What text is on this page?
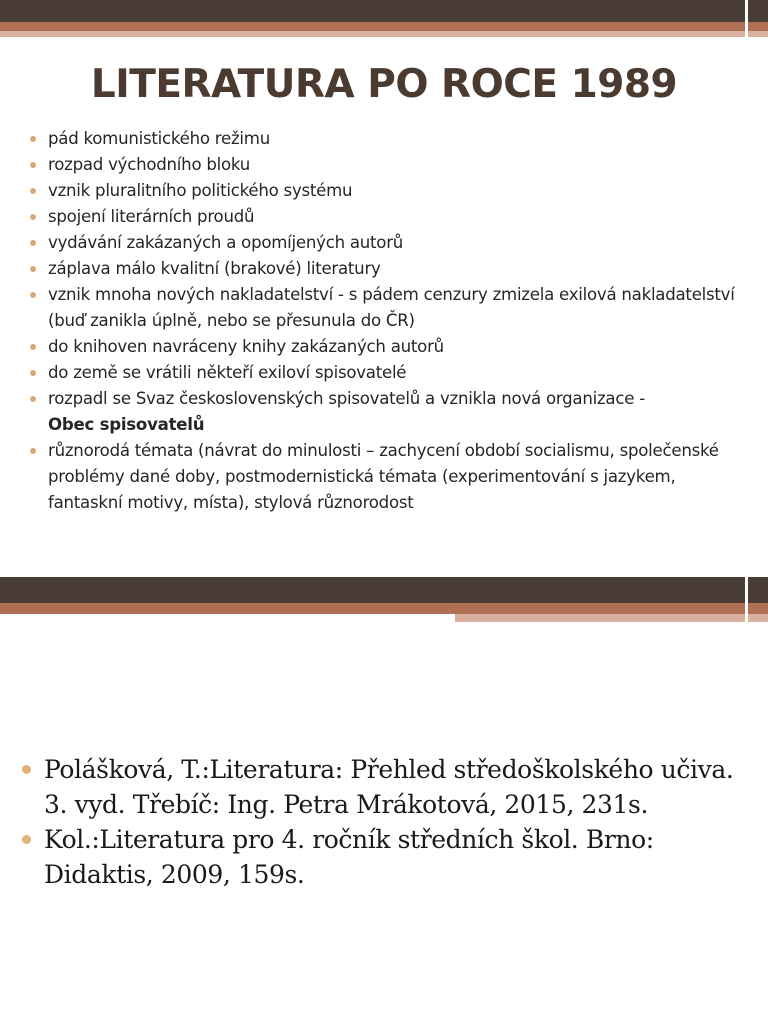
LITERATURA PO ROCE 1989
pád komunistického režimu
rozpad východního bloku
vznik pluralitního politického systému
spojení literárních proudů
vydávání zakázaných a opomíjených autorů
záplava málo kvalitní (brakové) literatury
vznik mnoha nových nakladatelství - s pádem cenzury zmizela exilová nakladatelství (buď zanikla úplně, nebo se přesunula do ČR)
do knihoven navráceny knihy zakázaných autorů
do země se vrátili někteří exiloví spisovatelé
rozpadl se Svaz československých spisovatelů a vznikla nová organizace -
Obec spisovatelů
různorodá témata (návrat do minulosti – zachycení období socialismu, společenské problémy dané doby, postmodernistická témata (experimentování s jazykem, fantaskní motivy, místa), stylová různorodost
Polášková, T.:Literatura: Přehled středoškolského učiva. 3. vyd. Třebíč: Ing. Petra Mrákotová, 2015, 231s.
Kol.:Literatura pro 4. ročník středních škol. Brno: Didaktis, 2009, 159s.
